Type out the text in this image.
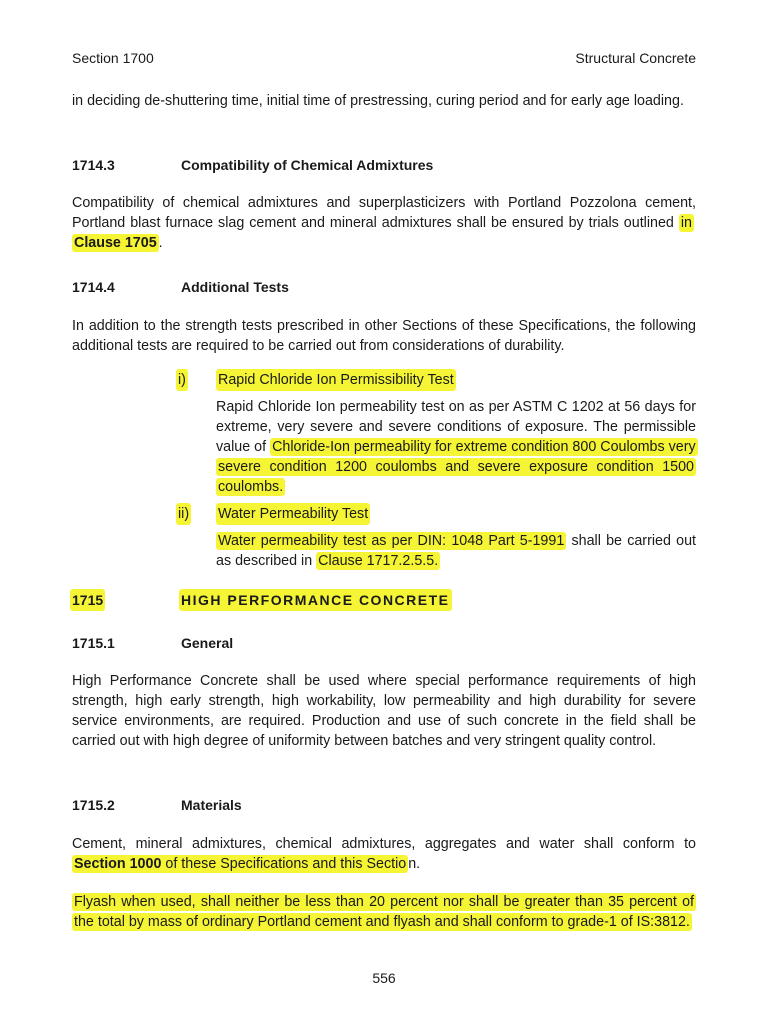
Section 1700	Structural Concrete
in deciding de-shuttering time, initial time of prestressing, curing period and for early age loading.
1714.3	Compatibility of Chemical Admixtures
Compatibility of chemical admixtures and superplasticizers with Portland Pozzolona cement, Portland blast furnace slag cement and mineral admixtures shall be ensured by trials outlined in Clause 1705 .
1714.4	Additional Tests
In addition to the strength tests prescribed in other Sections of these Specifications, the following additional tests are required to be carried out from considerations of durability.
i) Rapid Chloride Ion Permissibility Test
Rapid Chloride Ion permeability test on as per ASTM C 1202 at 56 days for extreme, very severe and severe conditions of exposure. The permissible value of Chloride-Ion permeability for extreme condition 800 Coulombs very severe condition 1200 coulombs and severe exposure condition 1500 coulombs.
ii) Water Permeability Test
Water permeability test as per DIN: 1048 Part 5-1991 shall be carried out as described in Clause 1717.2.5.5.
1715	HIGH PERFORMANCE CONCRETE
1715.1	General
High Performance Concrete shall be used where special performance requirements of high strength, high early strength, high workability, low permeability and high durability for severe service environments, are required. Production and use of such concrete in the field shall be carried out with high degree of uniformity between batches and very stringent quality control.
1715.2	Materials
Cement, mineral admixtures, chemical admixtures, aggregates and water shall conform to Section 1000 of these Specifications and this Sectio n.
Flyash when used, shall neither be less than 20 percent nor shall be greater than 35 percent of the total by mass of ordinary Portland cement and flyash and shall conform to grade-1 of IS:3812.
556
